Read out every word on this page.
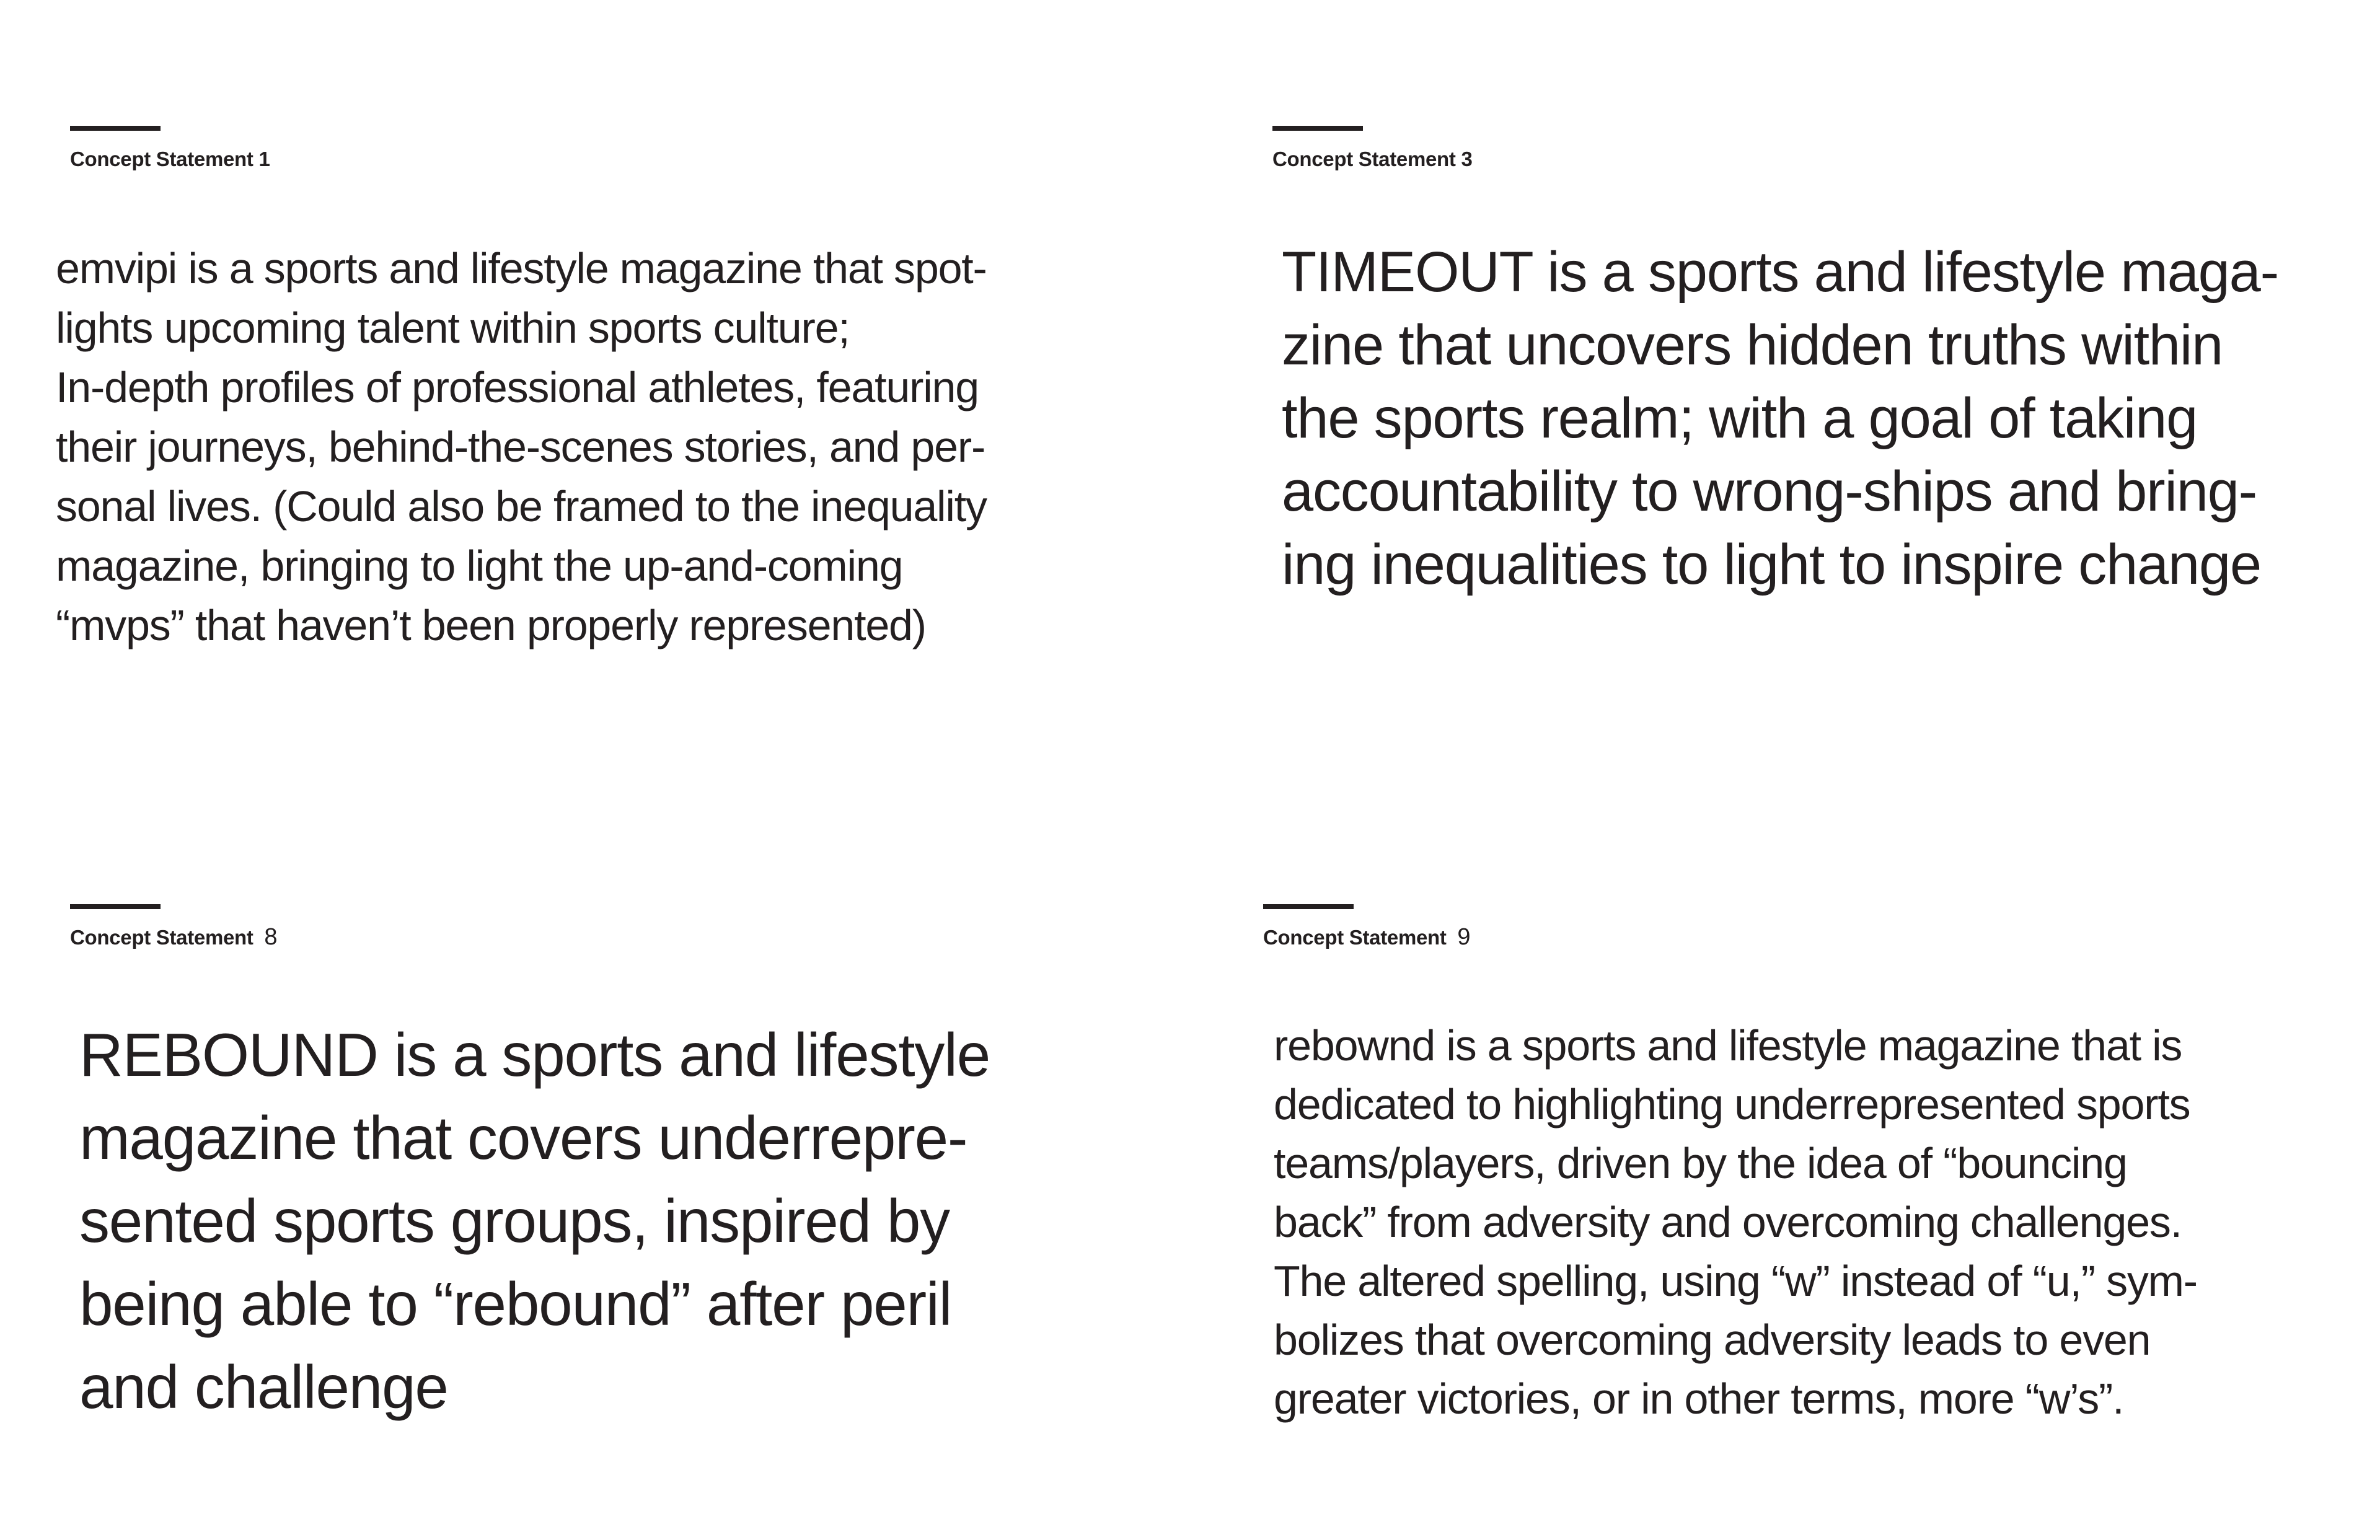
Concept Statement 1

emvipi is a sports and lifestyle magazine that spot-
lights upcoming talent within sports culture;
In-depth profiles of professional athletes, featuring
their journeys, behind-the-scenes stories, and per-
sonal lives. (Could also be framed to the inequality
magazine, bringing to light the up-and-coming
“mvps” that haven’t been properly represented)

Concept Statement 3

TIMEOUT is a sports and lifestyle maga-
zine that uncovers hidden truths within
the sports realm; with a goal of taking
accountability to wrong-ships and bring-
ing inequalities to light to inspire change

Concept Statement 8

REBOUND is a sports and lifestyle
magazine that covers underrepre-
sented sports groups, inspired by
being able to “rebound” after peril
and challenge

Concept Statement 9

rebownd is a sports and lifestyle magazine that is
dedicated to highlighting underrepresented sports
teams/players, driven by the idea of “bouncing
back” from adversity and overcoming challenges.
The altered spelling, using “w” instead of “u,” sym-
bolizes that overcoming adversity leads to even
greater victories, or in other terms, more “w’s”.
